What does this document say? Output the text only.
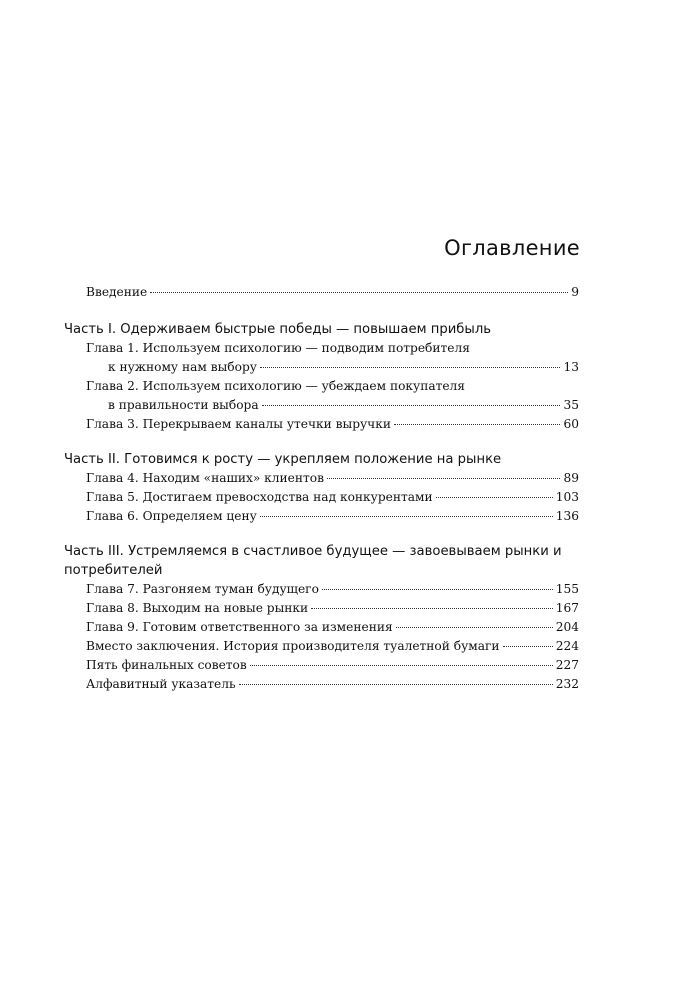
Оглавление
Введение	9
Часть I. Одерживаем быстрые победы — повышаем прибыль
Глава 1. Используем психологию — подводим потребителя
к нужному нам выбору	13
Глава 2. Используем психологию — убеждаем покупателя
в правильности выбора	35
Глава 3. Перекрываем каналы утечки выручки	60
Часть II. Готовимся к росту — укрепляем положение на рынке
Глава 4. Находим «наших» клиентов	89
Глава 5. Достигаем превосходства над конкурентами	103
Глава 6. Определяем цену	136
Часть III. Устремляемся в счастливое будущее — завоевываем рынки и потребителей
Глава 7. Разгоняем туман будущего	155
Глава 8. Выходим на новые рынки	167
Глава 9. Готовим ответственного за изменения	204
Вместо заключения. История производителя туалетной бумаги	224
Пять финальных советов	227
Алфавитный указатель	232
